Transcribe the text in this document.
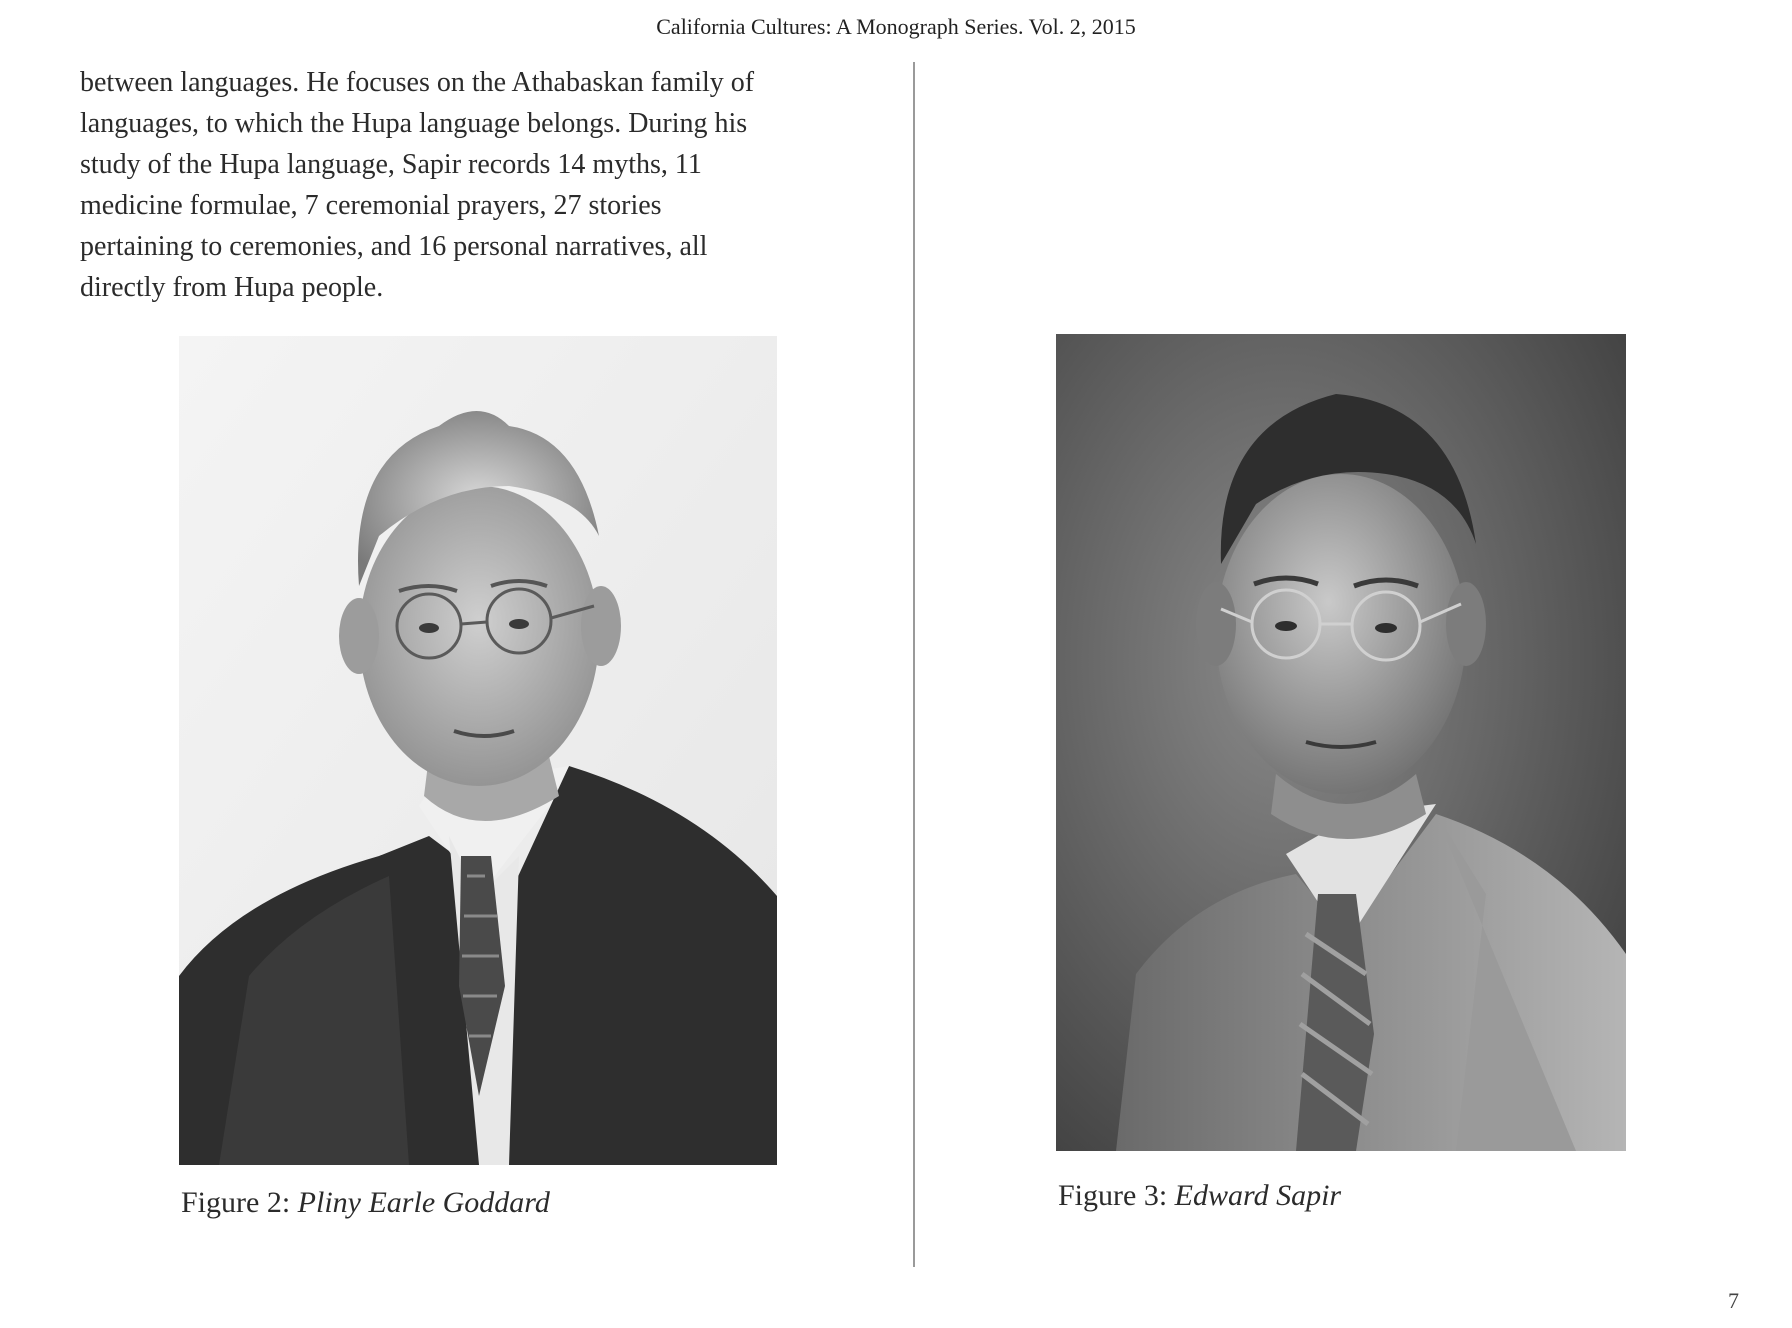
California Cultures: A Monograph Series. Vol. 2, 2015
between languages. He focuses on the Athabaskan family of
languages, to which the Hupa language belongs. During his
study of the Hupa language, Sapir records 14 myths, 11
medicine formulae, 7 ceremonial prayers, 27 stories
pertaining to ceremonies, and 16 personal narratives, all
directly from Hupa people.
Figure 2: Pliny Earle Goddard	Figure 3: Edward Sapir
7
